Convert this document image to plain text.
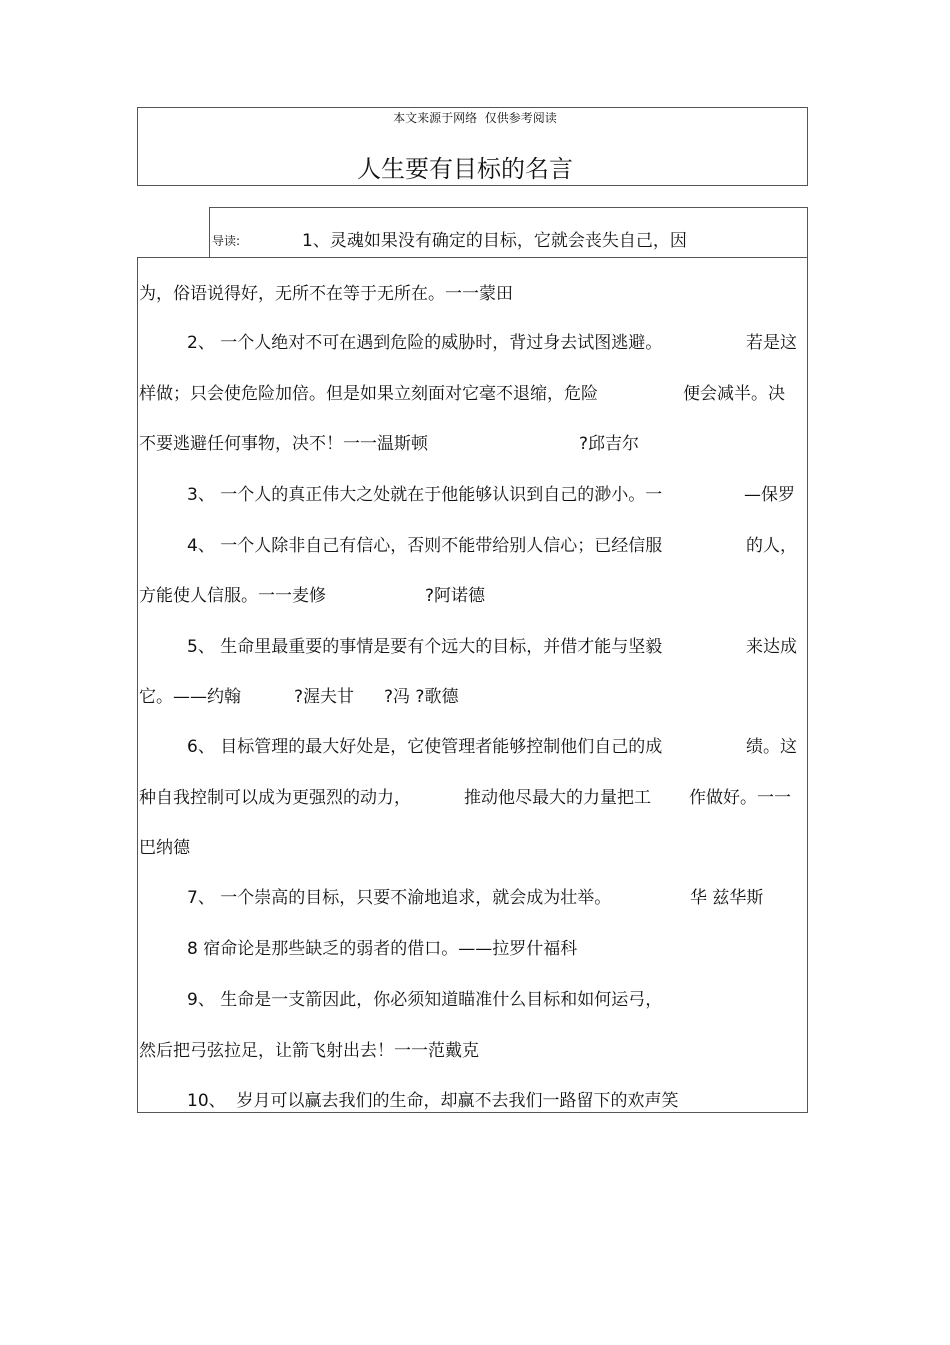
本文来源于网络  仅供参考阅读
人生要有目标的名言
导读:	1、灵魂如果没有确定的目标，它就会丧失自己，因
为，俗语说得好，无所不在等于无所在。一一蒙田
2、 一个人绝对不可在遇到危险的威胁时，背过身去试图逃避。	若是这
样做；只会使危险加倍。但是如果立刻面对它毫不退缩，危险	便会减半。决
不要逃避任何事物，决不！一一温斯顿	?邱吉尔
3、 一个人的真正伟大之处就在于他能够认识到自己的渺小。一	—保罗
4、 一个人除非自己有信心，否则不能带给别人信心；已经信服	的人，
方能使人信服。一一麦修	?阿诺德
5、 生命里最重要的事情是要有个远大的目标，并借才能与坚毅	来达成
它。——约翰	?渥夫甘 ?冯 ?歌德
6、 目标管理的最大好处是，它使管理者能够控制他们自己的成	绩。这
种自我控制可以成为更强烈的动力，	推动他尽最大的力量把工 作做好。一一
巴纳德
7、 一个崇高的目标，只要不渝地追求，就会成为壮举。	华 兹华斯
8 宿命论是那些缺乏的弱者的借口。——拉罗什福科
9、 生命是一支箭因此，你必须知道瞄准什么目标和如何运弓，
然后把弓弦拉足，让箭飞射出去！一一范戴克
10、  岁月可以赢去我们的生命，却赢不去我们一路留下的欢声笑
